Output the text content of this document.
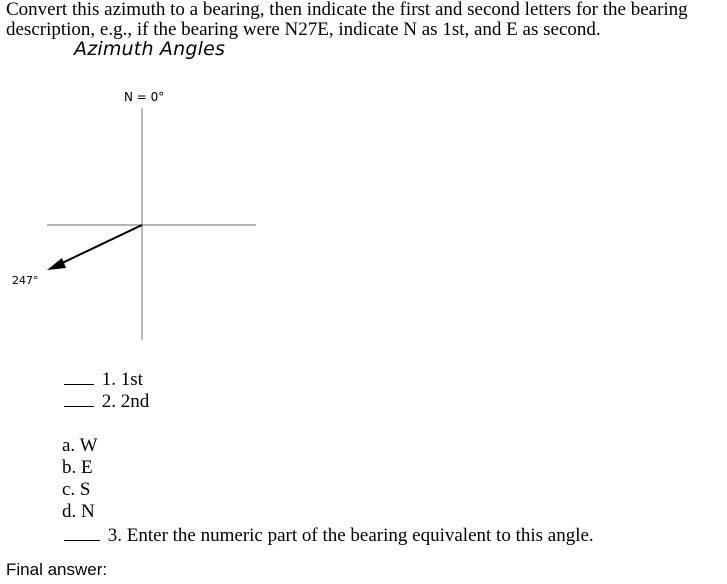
Convert this azimuth to a bearing, then indicate the first and second letters for the bearing description, e.g., if the bearing were N27E, indicate N as 1st, and E as second.
Azimuth Angles
N = 0°
247°
1. 1st
2. 2nd
a. W
b. E
c. S
d. N
3. Enter the numeric part of the bearing equivalent to this angle.
Final answer:
